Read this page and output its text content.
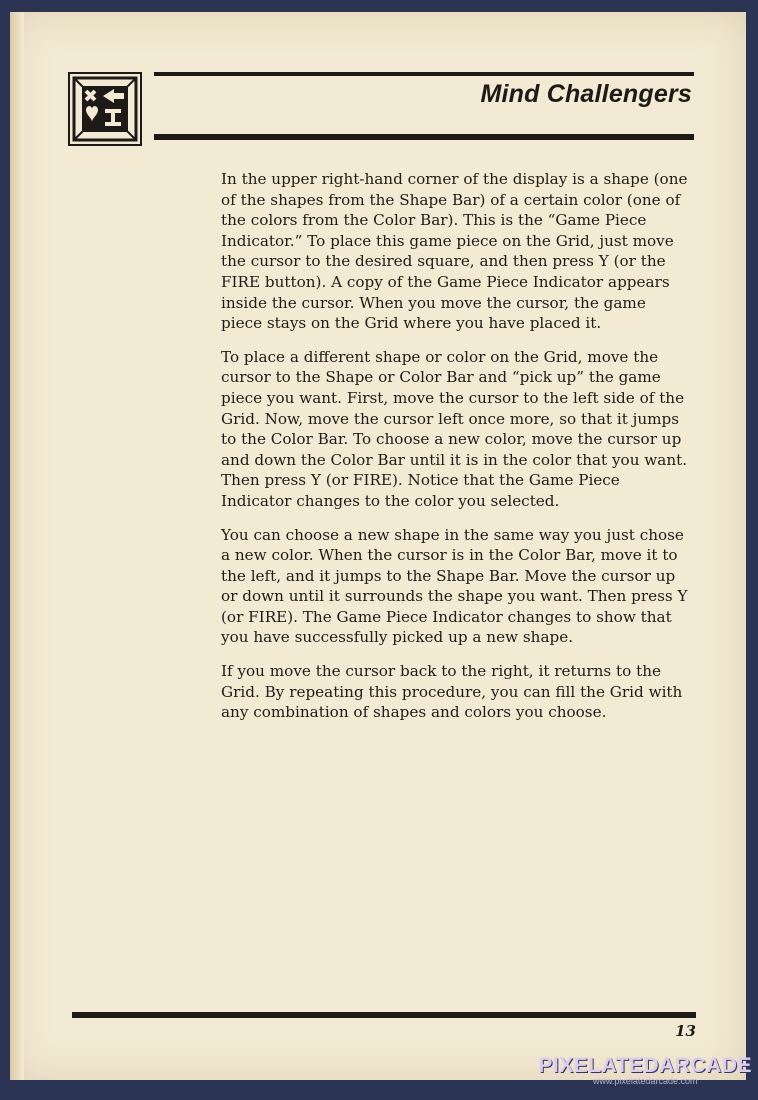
Mind Challengers

In the upper right-hand corner of the display is a shape (one of the shapes from the Shape Bar) of a certain color (one of the colors from the Color Bar). This is the “Game Piece Indicator.” To place this game piece on the Grid, just move the cursor to the desired square, and then press Y (or the FIRE button). A copy of the Game Piece Indicator appears inside the cursor. When you move the cursor, the game piece stays on the Grid where you have placed it.

To place a different shape or color on the Grid, move the cursor to the Shape or Color Bar and “pick up” the game piece you want. First, move the cursor to the left side of the Grid. Now, move the cursor left once more, so that it jumps to the Color Bar. To choose a new color, move the cursor up and down the Color Bar until it is in the color that you want. Then press Y (or FIRE). Notice that the Game Piece Indicator changes to the color you selected.

You can choose a new shape in the same way you just chose a new color. When the cursor is in the Color Bar, move it to the left, and it jumps to the Shape Bar. Move the cursor up or down until it surrounds the shape you want. Then press Y (or FIRE). The Game Piece Indicator changes to show that you have successfully picked up a new shape.

If you move the cursor back to the right, it returns to the Grid. By repeating this procedure, you can fill the Grid with any combination of shapes and colors you choose.

13
PIXELATEDARCADE
www.pixelatedarcade.com
